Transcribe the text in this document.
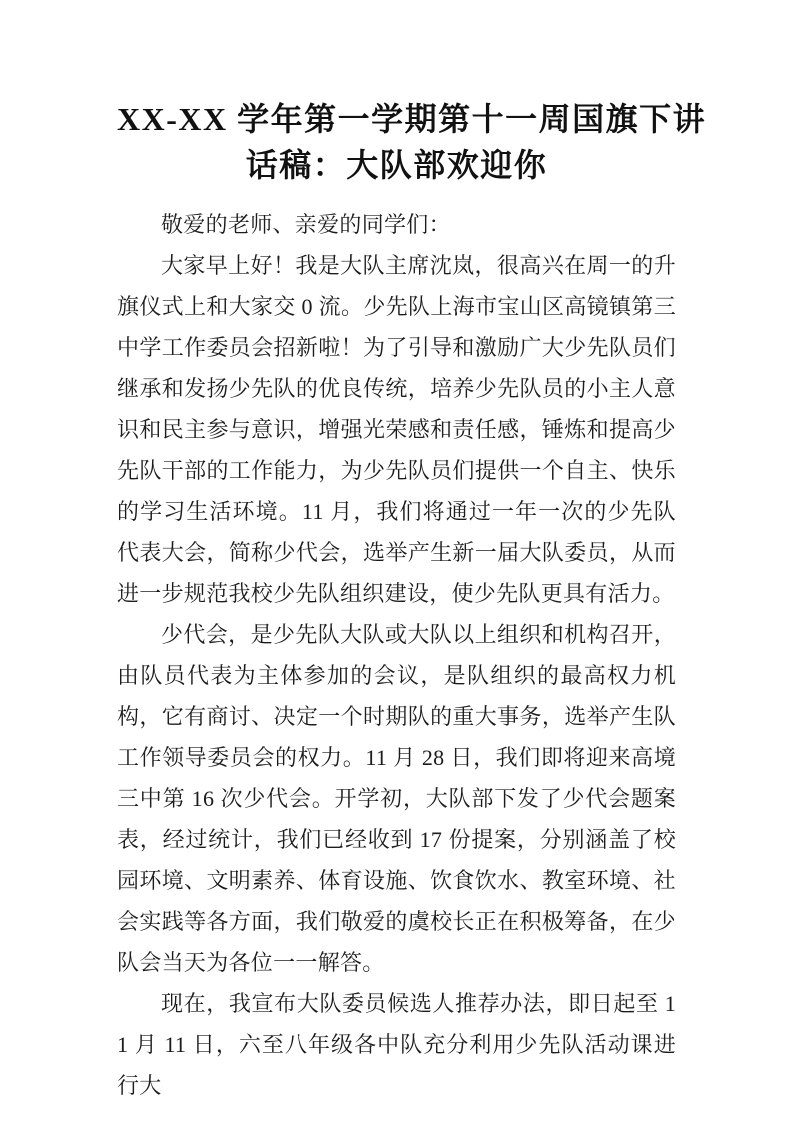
XX-XX 学年第一学期第十一周国旗下讲
话稿：大队部欢迎你

敬爱的老师、亲爱的同学们：

大家早上好！我是大队主席沈岚，很高兴在周一的升旗仪式上和大家交 0 流。少先队上海市宝山区高镜镇第三中学工作委员会招新啦！为了引导和激励广大少先队员们继承和发扬少先队的优良传统，培养少先队员的小主人意识和民主参与意识，增强光荣感和责任感，锤炼和提高少先队干部的工作能力，为少先队员们提供一个自主、快乐的学习生活环境。11 月，我们将通过一年一次的少先队代表大会，简称少代会，选举产生新一届大队委员，从而进一步规范我校少先队组织建设，使少先队更具有活力。

少代会，是少先队大队或大队以上组织和机构召开，由队员代表为主体参加的会议，是队组织的最高权力机构，它有商讨、决定一个时期队的重大事务，选举产生队工作领导委员会的权力。11 月 28 日，我们即将迎来高境三中第 16 次少代会。开学初，大队部下发了少代会题案表，经过统计，我们已经收到 17 份提案，分别涵盖了校园环境、文明素养、体育设施、饮食饮水、教室环境、社会实践等各方面，我们敬爱的虞校长正在积极筹备，在少队会当天为各位一一解答。

现在，我宣布大队委员候选人推荐办法，即日起至 11 月 11 日，六至八年级各中队充分利用少先队活动课进行大
